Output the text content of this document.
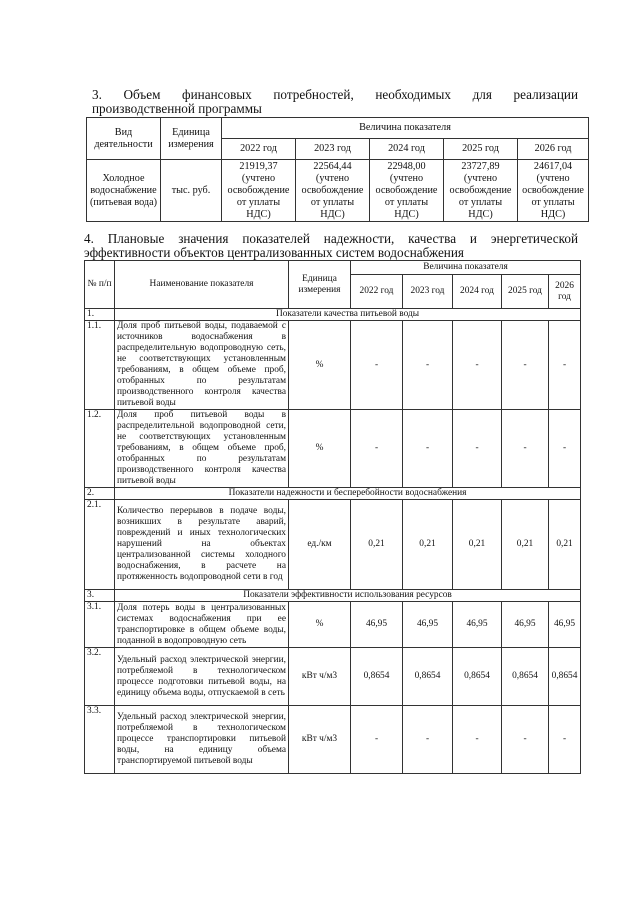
3. Объем финансовых потребностей, необходимых для реализации
производственной программы
Вид деятельности	Единица измерения	Величина показателя				
		2022 год	2023 год	2024 год	2025 год	2026 год
Холодное водоснабжение (питьевая вода)	тыс. руб.	21919,37 (учтено освобождение от уплаты НДС)	22564,44 (учтено освобождение от уплаты НДС)	22948,00 (учтено освобождение от уплаты НДС)	23727,89 (учтено освобождение от уплаты НДС)	24617,04 (учтено освобождение от уплаты НДС)
4. Плановые значения показателей надежности, качества и энергетической
эффективности объектов централизованных систем водоснабжения
№ п/п	Наименование показателя	Единица измерения	Величина показателя				
			2022 год	2023 год	2024 год	2025 год	2026 год
1.	Показатели качества питьевой воды						
1.1.	Доля проб питьевой воды, подаваемой с источников водоснабжения в распределительную водопроводную сеть, не соответствующих установленным требованиям, в общем объеме проб, отобранных по результатам производственного контроля качества питьевой воды	%	-	-	-	-	-
1.2.	Доля проб питьевой воды в распределительной водопроводной сети, не соответствующих установленным требованиям, в общем объеме проб, отобранных по результатам производственного контроля качества питьевой воды	%	-	-	-	-	-
2.	Показатели надежности и бесперебойности водоснабжения						
2.1.	Количество перерывов в подаче воды, возникших в результате аварий, повреждений и иных технологических нарушений на объектах централизованной системы холодного водоснабжения, в расчете на протяженность водопроводной сети в год	ед./км	0,21	0,21	0,21	0,21	0,21
3.	Показатели эффективности использования ресурсов						
3.1.	Доля потерь воды в централизованных системах водоснабжения при ее транспортировке в общем объеме воды, поданной в водопроводную сеть	%	46,95	46,95	46,95	46,95	46,95
3.2.	Удельный расход электрической энергии, потребляемой в технологическом процессе подготовки питьевой воды, на единицу объема воды, отпускаемой в сеть	кВт ч/м3	0,8654	0,8654	0,8654	0,8654	0,8654
3.3.	Удельный расход электрической энергии, потребляемой в технологическом процессе транспортировки питьевой воды, на единицу объема транспортируемой питьевой воды	кВт ч/м3	-	-	-	-	-
